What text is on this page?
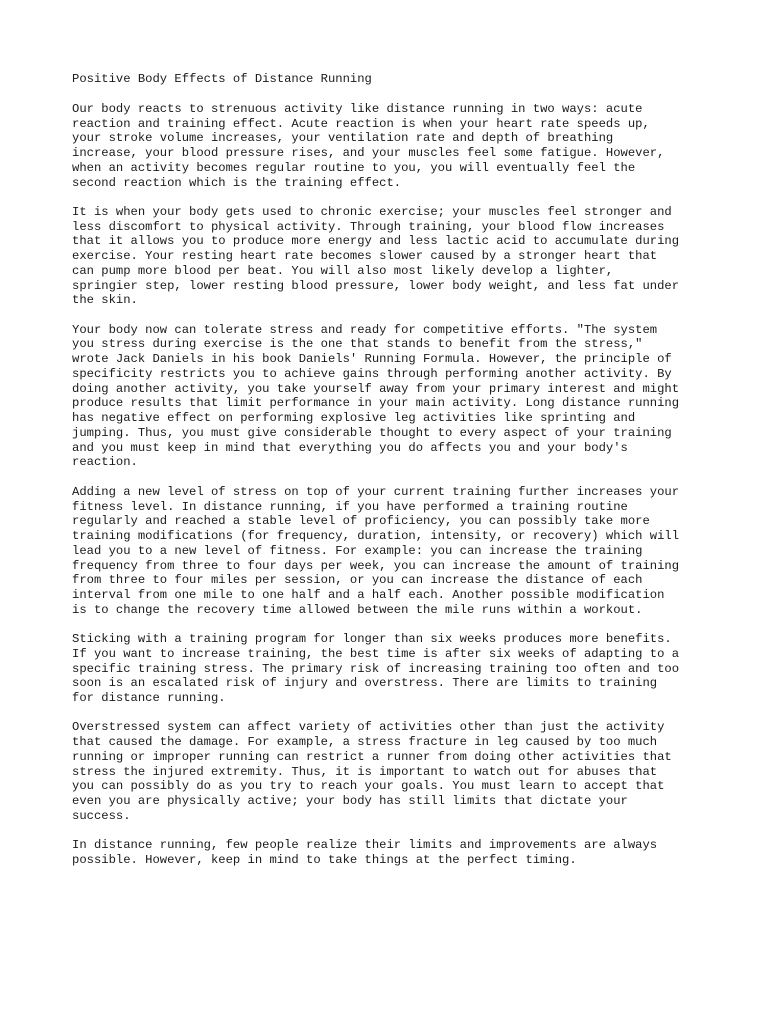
Positive Body Effects of Distance Running
Our body reacts to strenuous activity like distance running in two ways: acute
reaction and training effect. Acute reaction is when your heart rate speeds up,
your stroke volume increases, your ventilation rate and depth of breathing
increase, your blood pressure rises, and your muscles feel some fatigue. However,
when an activity becomes regular routine to you, you will eventually feel the
second reaction which is the training effect.
It is when your body gets used to chronic exercise; your muscles feel stronger and
less discomfort to physical activity. Through training, your blood flow increases
that it allows you to produce more energy and less lactic acid to accumulate during
exercise. Your resting heart rate becomes slower caused by a stronger heart that
can pump more blood per beat. You will also most likely develop a lighter,
springier step, lower resting blood pressure, lower body weight, and less fat under
the skin.
Your body now can tolerate stress and ready for competitive efforts. "The system
you stress during exercise is the one that stands to benefit from the stress,"
wrote Jack Daniels in his book Daniels' Running Formula. However, the principle of
specificity restricts you to achieve gains through performing another activity. By
doing another activity, you take yourself away from your primary interest and might
produce results that limit performance in your main activity. Long distance running
has negative effect on performing explosive leg activities like sprinting and
jumping. Thus, you must give considerable thought to every aspect of your training
and you must keep in mind that everything you do affects you and your body's
reaction.
Adding a new level of stress on top of your current training further increases your
fitness level. In distance running, if you have performed a training routine
regularly and reached a stable level of proficiency, you can possibly take more
training modifications (for frequency, duration, intensity, or recovery) which will
lead you to a new level of fitness. For example: you can increase the training
frequency from three to four days per week, you can increase the amount of training
from three to four miles per session, or you can increase the distance of each
interval from one mile to one half and a half each. Another possible modification
is to change the recovery time allowed between the mile runs within a workout.
Sticking with a training program for longer than six weeks produces more benefits.
If you want to increase training, the best time is after six weeks of adapting to a
specific training stress. The primary risk of increasing training too often and too
soon is an escalated risk of injury and overstress. There are limits to training
for distance running.
Overstressed system can affect variety of activities other than just the activity
that caused the damage. For example, a stress fracture in leg caused by too much
running or improper running can restrict a runner from doing other activities that
stress the injured extremity. Thus, it is important to watch out for abuses that
you can possibly do as you try to reach your goals. You must learn to accept that
even you are physically active; your body has still limits that dictate your
success.
In distance running, few people realize their limits and improvements are always
possible. However, keep in mind to take things at the perfect timing.
